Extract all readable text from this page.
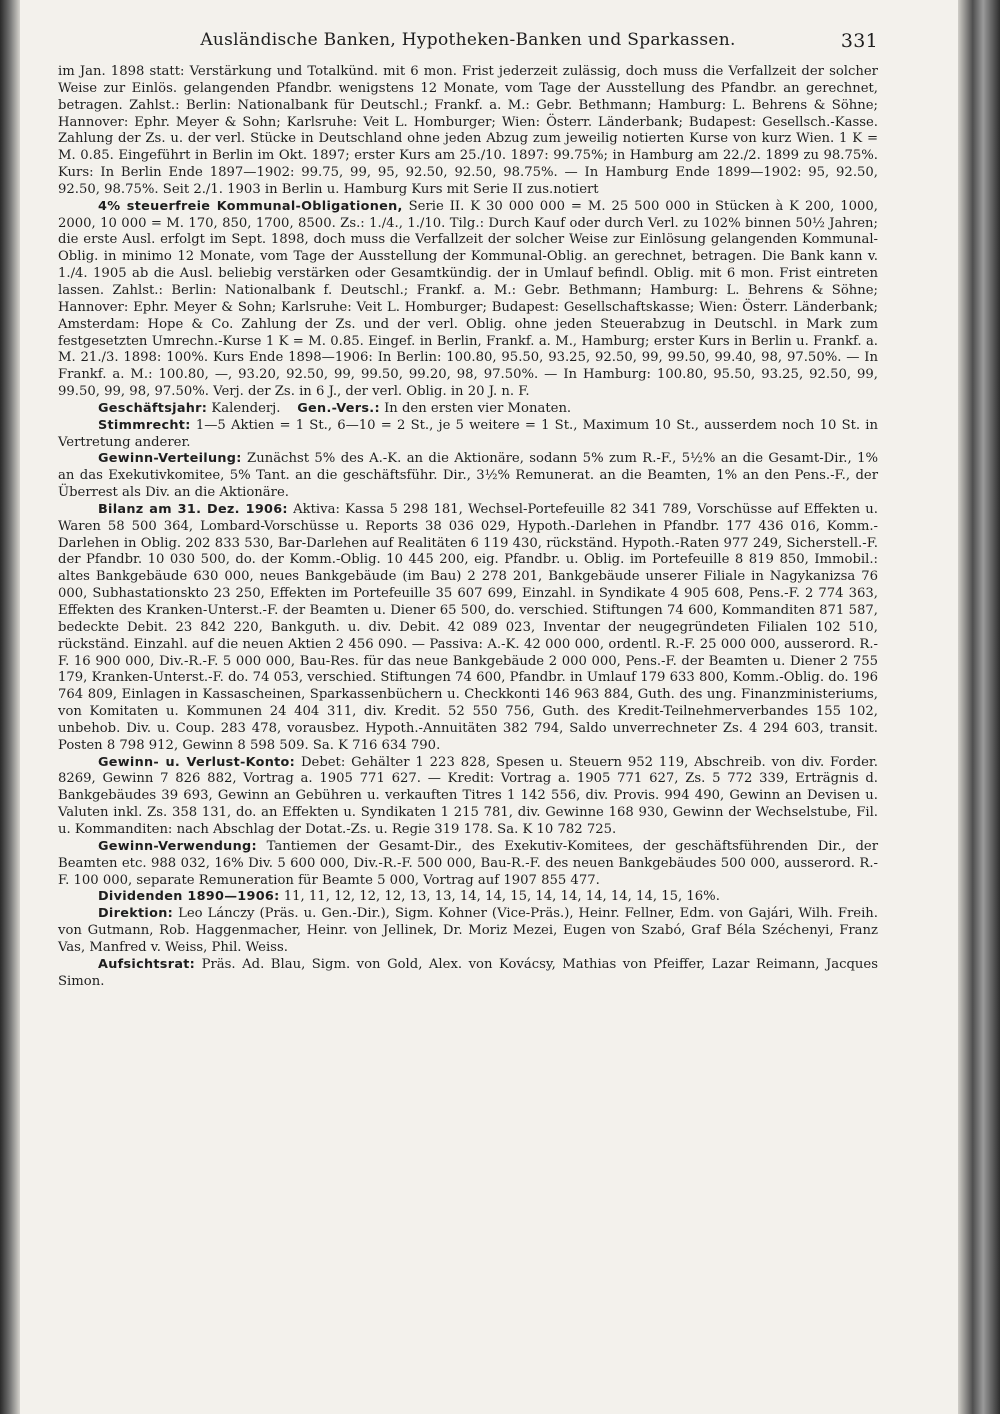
Ausländische Banken, Hypotheken-Banken und Sparkassen.	331

im Jan. 1898 statt: Verstärkung und Totalkünd. mit 6 mon. Frist jederzeit zulässig, doch muss die Verfallzeit der solcher Weise zur Einlös. gelangenden Pfandbr. wenigstens 12 Monate, vom Tage der Ausstellung des Pfandbr. an gerechnet, betragen. Zahlst.: Berlin: Nationalbank für Deutschl.; Frankf. a. M.: Gebr. Bethmann; Hamburg: L. Behrens & Söhne; Hannover: Ephr. Meyer & Sohn; Karlsruhe: Veit L. Homburger; Wien: Österr. Länderbank; Budapest: Gesellsch.-Kasse. Zahlung der Zs. u. der verl. Stücke in Deutschland ohne jeden Abzug zum jeweilig notierten Kurse von kurz Wien. 1 K = M. 0.85. Eingeführt in Berlin im Okt. 1897; erster Kurs am 25./10. 1897: 99.75%; in Hamburg am 22./2. 1899 zu 98.75%. Kurs: In Berlin Ende 1897—1902: 99.75, 99, 95, 92.50, 92.50, 98.75%. — In Hamburg Ende 1899—1902: 95, 92.50, 92.50, 98.75%. Seit 2./1. 1903 in Berlin u. Hamburg Kurs mit Serie II zus.notiert

4% steuerfreie Kommunal-Obligationen, Serie II. K 30 000 000 = M. 25 500 000 in Stücken à K 200, 1000, 2000, 10 000 = M. 170, 850, 1700, 8500. Zs.: 1./4., 1./10. Tilg.: Durch Kauf oder durch Verl. zu 102% binnen 50½ Jahren; die erste Ausl. erfolgt im Sept. 1898, doch muss die Verfallzeit der solcher Weise zur Einlösung gelangenden Kommunal-Oblig. in minimo 12 Monate, vom Tage der Ausstellung der Kommunal-Oblig. an gerechnet, betragen. Die Bank kann v. 1./4. 1905 ab die Ausl. beliebig verstärken oder Gesamtkündig. der in Umlauf befindl. Oblig. mit 6 mon. Frist eintreten lassen. Zahlst.: Berlin: Nationalbank f. Deutschl.; Frankf. a. M.: Gebr. Bethmann; Hamburg: L. Behrens & Söhne; Hannover: Ephr. Meyer & Sohn; Karlsruhe: Veit L. Homburger; Budapest: Gesellschaftskasse; Wien: Österr. Länderbank; Amsterdam: Hope & Co. Zahlung der Zs. und der verl. Oblig. ohne jeden Steuerabzug in Deutschl. in Mark zum festgesetzten Umrechn.-Kurse 1 K = M. 0.85. Eingef. in Berlin, Frankf. a. M., Hamburg; erster Kurs in Berlin u. Frankf. a. M. 21./3. 1898: 100%. Kurs Ende 1898—1906: In Berlin: 100.80, 95.50, 93.25, 92.50, 99, 99.50, 99.40, 98, 97.50%. — In Frankf. a. M.: 100.80, —, 93.20, 92.50, 99, 99.50, 99.20, 98, 97.50%. — In Hamburg: 100.80, 95.50, 93.25, 92.50, 99, 99.50, 99, 98, 97.50%. Verj. der Zs. in 6 J., der verl. Oblig. in 20 J. n. F.

Geschäftsjahr: Kalenderj. Gen.-Vers.: In den ersten vier Monaten.

Stimmrecht: 1—5 Aktien = 1 St., 6—10 = 2 St., je 5 weitere = 1 St., Maximum 10 St., ausserdem noch 10 St. in Vertretung anderer.

Gewinn-Verteilung: Zunächst 5% des A.-K. an die Aktionäre, sodann 5% zum R.-F., 5½% an die Gesamt-Dir., 1% an das Exekutivkomitee, 5% Tant. an die geschäftsführ. Dir., 3½% Remunerat. an die Beamten, 1% an den Pens.-F., der Überrest als Div. an die Aktionäre.

Bilanz am 31. Dez. 1906: Aktiva: Kassa 5 298 181, Wechsel-Portefeuille 82 341 789, Vorschüsse auf Effekten u. Waren 58 500 364, Lombard-Vorschüsse u. Reports 38 036 029, Hypoth.-Darlehen in Pfandbr. 177 436 016, Komm.-Darlehen in Oblig. 202 833 530, Bar-Darlehen auf Realitäten 6 119 430, rückständ. Hypoth.-Raten 977 249, Sicherstell.-F. der Pfandbr. 10 030 500, do. der Komm.-Oblig. 10 445 200, eig. Pfandbr. u. Oblig. im Portefeuille 8 819 850, Immobil.: altes Bankgebäude 630 000, neues Bankgebäude (im Bau) 2 278 201, Bankgebäude unserer Filiale in Nagykanizsa 76 000, Subhastationskto 23 250, Effekten im Portefeuille 35 607 699, Einzahl. in Syndikate 4 905 608, Pens.-F. 2 774 363, Effekten des Kranken-Unterst.-F. der Beamten u. Diener 65 500, do. verschied. Stiftungen 74 600, Kommanditen 871 587, bedeckte Debit. 23 842 220, Bankguth. u. div. Debit. 42 089 023, Inventar der neugegründeten Filialen 102 510, rückständ. Einzahl. auf die neuen Aktien 2 456 090. — Passiva: A.-K. 42 000 000, ordentl. R.-F. 25 000 000, ausserord. R.-F. 16 900 000, Div.-R.-F. 5 000 000, Bau-Res. für das neue Bankgebäude 2 000 000, Pens.-F. der Beamten u. Diener 2 755 179, Kranken-Unterst.-F. do. 74 053, verschied. Stiftungen 74 600, Pfandbr. in Umlauf 179 633 800, Komm.-Oblig. do. 196 764 809, Einlagen in Kassascheinen, Sparkassenbüchern u. Checkkonti 146 963 884, Guth. des ung. Finanzministeriums, von Komitaten u. Kommunen 24 404 311, div. Kredit. 52 550 756, Guth. des Kredit-Teilnehmerverbandes 155 102, unbehob. Div. u. Coup. 283 478, vorausbez. Hypoth.-Annuitäten 382 794, Saldo unverrechneter Zs. 4 294 603, transit. Posten 8 798 912, Gewinn 8 598 509. Sa. K 716 634 790.

Gewinn- u. Verlust-Konto: Debet: Gehälter 1 223 828, Spesen u. Steuern 952 119, Abschreib. von div. Forder. 8269, Gewinn 7 826 882, Vortrag a. 1905 771 627. — Kredit: Vortrag a. 1905 771 627, Zs. 5 772 339, Erträgnis d. Bankgebäudes 39 693, Gewinn an Gebühren u. verkauften Titres 1 142 556, div. Provis. 994 490, Gewinn an Devisen u. Valuten inkl. Zs. 358 131, do. an Effekten u. Syndikaten 1 215 781, div. Gewinne 168 930, Gewinn der Wechselstube, Fil. u. Kommanditen: nach Abschlag der Dotat.-Zs. u. Regie 319 178. Sa. K 10 782 725.

Gewinn-Verwendung: Tantiemen der Gesamt-Dir., des Exekutiv-Komitees, der geschäftsführenden Dir., der Beamten etc. 988 032, 16% Div. 5 600 000, Div.-R.-F. 500 000, Bau-R.-F. des neuen Bankgebäudes 500 000, ausserord. R.-F. 100 000, separate Remuneration für Beamte 5 000, Vortrag auf 1907 855 477.

Dividenden 1890—1906: 11, 11, 12, 12, 12, 13, 13, 14, 14, 15, 14, 14, 14, 14, 14, 15, 16%.

Direktion: Leo Lánczy (Präs. u. Gen.-Dir.), Sigm. Kohner (Vice-Präs.), Heinr. Fellner, Edm. von Gajári, Wilh. Freih. von Gutmann, Rob. Haggenmacher, Heinr. von Jellinek, Dr. Moriz Mezei, Eugen von Szabó, Graf Béla Széchenyi, Franz Vas, Manfred v. Weiss, Phil. Weiss.

Aufsichtsrat: Präs. Ad. Blau, Sigm. von Gold, Alex. von Kovácsy, Mathias von Pfeiffer, Lazar Reimann, Jacques Simon.
